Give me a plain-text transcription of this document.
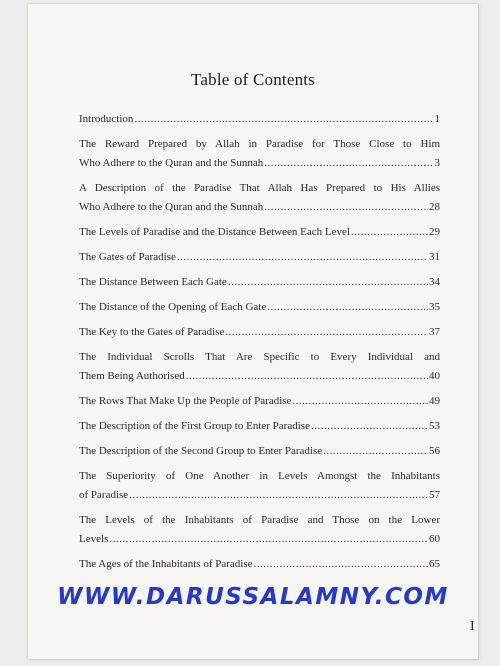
Table of Contents
Introduction .....	1
The Reward Prepared by Allah in Paradise for Those Close to Him
Who Adhere to the Quran and the Sunnah .....	3
A Description of the Paradise That Allah Has Prepared to His Allies
Who Adhere to the Quran and the Sunnah .....	28
The Levels of Paradise and the Distance Between Each Level .....	29
The Gates of Paradise .....	31
The Distance Between Each Gate .....	34
The Distance of the Opening of Each Gate .....	35
The Key to the Gates of Paradise .....	37
The Individual Scrolls That Are Specific to Every Individual and
Them Being Authorised .....	40
The Rows That Make Up the People of Paradise .....	49
The Description of the First Group to Enter Paradise .....	53
The Description of the Second Group to Enter Paradise .....	56
The Superiority of One Another in Levels Amongst the Inhabitants
of Paradise .....	57
The Levels of the Inhabitants of Paradise and Those on the Lower
Levels .....	60
The Ages of the Inhabitants of Paradise .....	65
WWW.DARUSSALAMNY.COM
I
